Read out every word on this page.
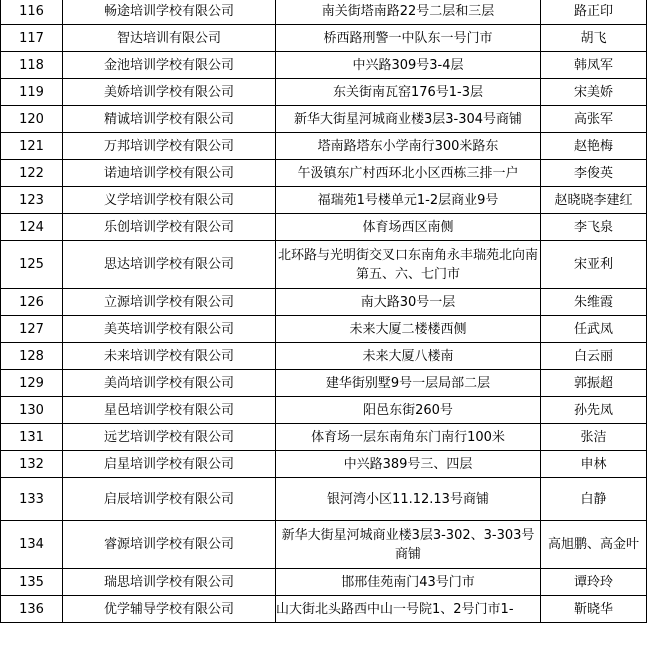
116	畅途培训学校有限公司	南关街塔南路22号二层和三层	路正印
117	智达培训有限公司	桥西路刑警一中队东一号门市	胡飞
118	金池培训学校有限公司	中兴路309号3-4层	韩凤军
119	美娇培训学校有限公司	东关街南瓦窑176号1-3层	宋美娇
120	精诚培训学校有限公司	新华大街星河城商业楼3层3-304号商铺	高张军
121	万邦培训学校有限公司	塔南路塔东小学南行300米路东	赵艳梅
122	诺迪培训学校有限公司	午汲镇东广村西环北小区西栋三排一户	李俊英
123	义学培训学校有限公司	福瑞苑1号楼单元1-2层商业9号	赵晓晓李建红
124	乐创培训学校有限公司	体育场西区南侧	李飞泉
125	思达培训学校有限公司	北环路与光明街交叉口东南角永丰瑞苑北向南第五、六、七门市	宋亚利
126	立源培训学校有限公司	南大路30号一层	朱维霞
127	美英培训学校有限公司	未来大厦二楼楼西侧	任武凤
128	未来培训学校有限公司	未来大厦八楼南	白云丽
129	美尚培训学校有限公司	建华街别墅9号一层局部二层	郭振超
130	星邑培训学校有限公司	阳邑东街260号	孙先凤
131	远艺培训学校有限公司	体育场一层东南角东门南行100米	张洁
132	启星培训学校有限公司	中兴路389号三、四层	申林
133	启辰培训学校有限公司	银河湾小区11.12.13号商铺	白静
134	睿源培训学校有限公司	新华大街星河城商业楼3层3-302、3-303号商铺	高旭鹏、高金叶
135	瑞思培训学校有限公司	邯邢佳苑南门43号门市	谭玲玲
136	优学辅导学校有限公司	山大街北头路西中山一号院1、2号门市1-	靳晓华
